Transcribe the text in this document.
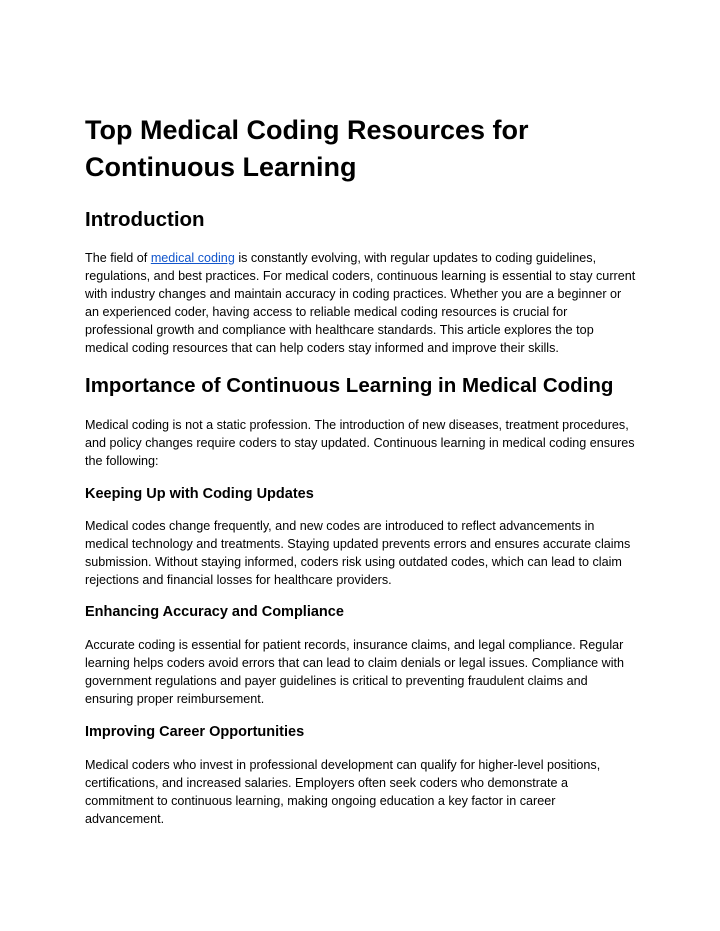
Top Medical Coding Resources for Continuous Learning
Introduction

The field of medical coding is constantly evolving, with regular updates to coding guidelines, regulations, and best practices. For medical coders, continuous learning is essential to stay current with industry changes and maintain accuracy in coding practices. Whether you are a beginner or an experienced coder, having access to reliable medical coding resources is crucial for professional growth and compliance with healthcare standards. This article explores the top medical coding resources that can help coders stay informed and improve their skills.

Importance of Continuous Learning in Medical Coding

Medical coding is not a static profession. The introduction of new diseases, treatment procedures, and policy changes require coders to stay updated. Continuous learning in medical coding ensures the following:

Keeping Up with Coding Updates

Medical codes change frequently, and new codes are introduced to reflect advancements in medical technology and treatments. Staying updated prevents errors and ensures accurate claims submission. Without staying informed, coders risk using outdated codes, which can lead to claim rejections and financial losses for healthcare providers.

Enhancing Accuracy and Compliance

Accurate coding is essential for patient records, insurance claims, and legal compliance. Regular learning helps coders avoid errors that can lead to claim denials or legal issues. Compliance with government regulations and payer guidelines is critical to preventing fraudulent claims and ensuring proper reimbursement.

Improving Career Opportunities

Medical coders who invest in professional development can qualify for higher-level positions, certifications, and increased salaries. Employers often seek coders who demonstrate a commitment to continuous learning, making ongoing education a key factor in career advancement.
